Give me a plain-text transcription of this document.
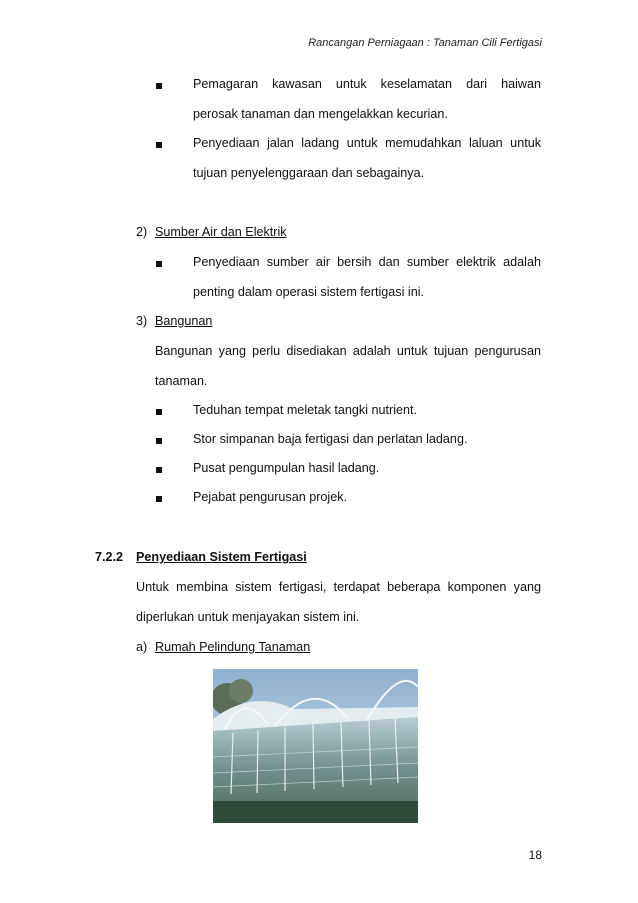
Rancangan Perniagaan : Tanaman Cili Fertigasi
Pemagaran kawasan untuk keselamatan dari haiwan
perosak tanaman dan mengelakkan kecurian.
Penyediaan jalan ladang untuk memudahkan laluan untuk
tujuan penyelenggaraan dan sebagainya.
2) Sumber Air dan Elektrik
Penyediaan sumber air bersih dan sumber elektrik adalah
penting dalam operasi sistem fertigasi ini.
3) Bangunan
Bangunan yang perlu disediakan adalah untuk tujuan pengurusan
tanaman.
Teduhan tempat meletak tangki nutrient.
Stor simpanan baja fertigasi dan perlatan ladang.
Pusat pengumpulan hasil ladang.
Pejabat pengurusan projek.
7.2.2 Penyediaan Sistem Fertigasi
Untuk membina sistem fertigasi, terdapat beberapa komponen yang
diperlukan untuk menjayakan sistem ini.
a) Rumah Pelindung Tanaman
18
